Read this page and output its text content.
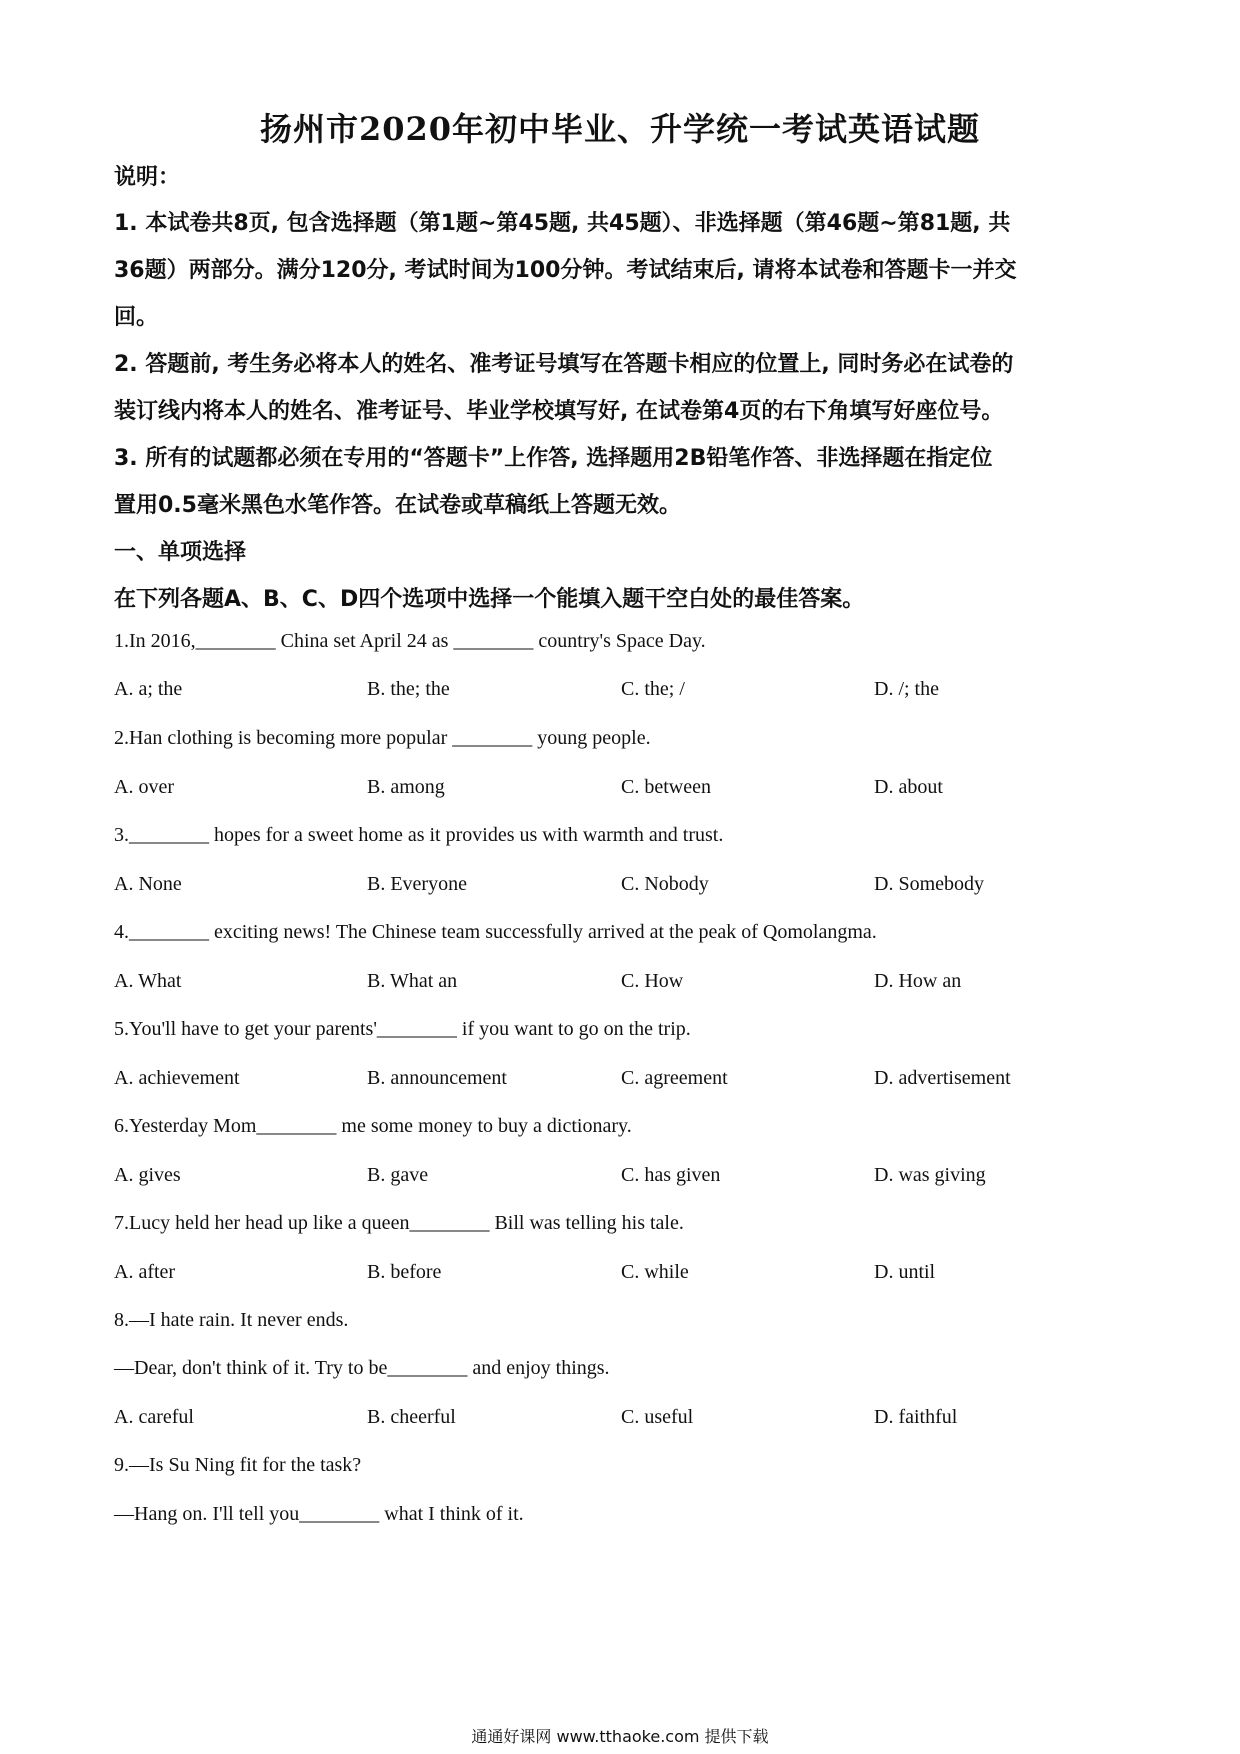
扬州市2020年初中毕业、升学统一考试英语试题
说明：
1. 本试卷共8页, 包含选择题（第1题~第45题, 共45题）、非选择题（第46题~第81题, 共
36题）两部分。满分120分, 考试时间为100分钟。考试结束后, 请将本试卷和答题卡一并交
回。
2. 答题前, 考生务必将本人的姓名、准考证号填写在答题卡相应的位置上, 同时务必在试卷的
装订线内将本人的姓名、准考证号、毕业学校填写好, 在试卷第4页的右下角填写好座位号。
3. 所有的试题都必须在专用的“答题卡”上作答, 选择题用2B铅笔作答、非选择题在指定位
置用0.5毫米黑色水笔作答。在试卷或草稿纸上答题无效。
一、单项选择
在下列各题A、B、C、D四个选项中选择一个能填入题干空白处的最佳答案。
1.In 2016,________ China set April 24 as ________ country's Space Day.
A. a; the	B. the; the	C. the; /	D. /; the
2.Han clothing is becoming more popular ________ young people.
A. over	B. among	C. between	D. about
3.________ hopes for a sweet home as it provides us with warmth and trust.
A. None	B. Everyone	C. Nobody	D. Somebody
4.________ exciting news! The Chinese team successfully arrived at the peak of Qomolangma.
A. What	B. What an	C. How	D. How an
5.You'll have to get your parents'________ if you want to go on the trip.
A. achievement	B. announcement	C. agreement	D. advertisement
6.Yesterday Mom________ me some money to buy a dictionary.
A. gives	B. gave	C. has given	D. was giving
7.Lucy held her head up like a queen________ Bill was telling his tale.
A. after	B. before	C. while	D. until
8.—I hate rain. It never ends.
—Dear, don't think of it. Try to be________ and enjoy things.
A. careful	B. cheerful	C. useful	D. faithful
9.—Is Su Ning fit for the task?
—Hang on. I'll tell you________ what I think of it.
通通好课网 www.tthaoke.com 提供下载
